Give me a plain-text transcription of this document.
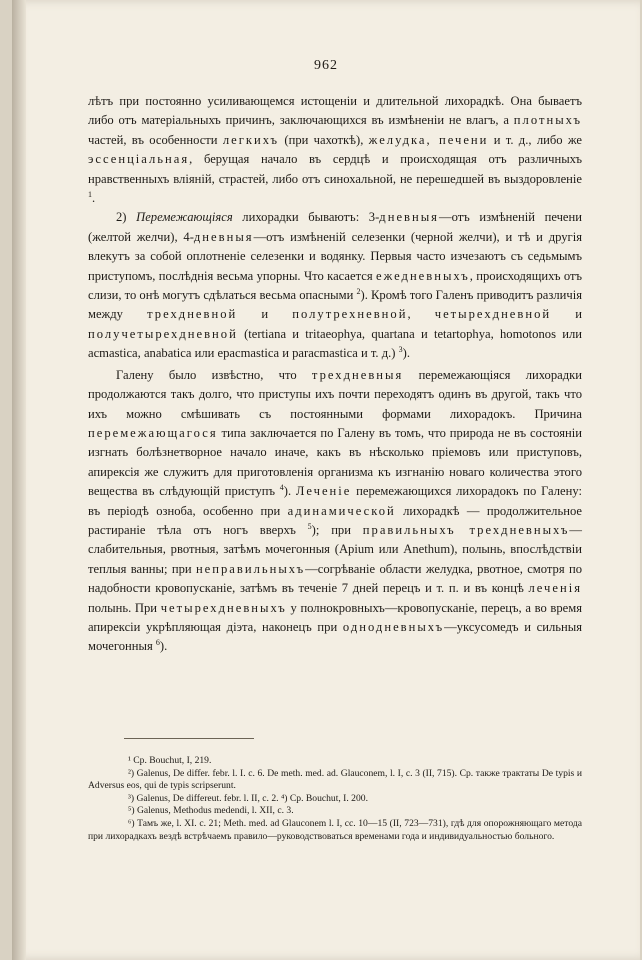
962

лѣтъ при постоянно усиливающемся истощеніи и длительной лихорадкѣ. Она бываетъ либо отъ матеріальныхъ причинъ, заключающихся въ измѣненіи не влагъ, а плотныхъ частей, въ особенности легкихъ (при чахоткѣ), желудка, печени и т. д., либо же эссенціальная, берущая начало въ сердцѣ и происходящая отъ различныхъ нравственныхъ вліяній, страстей, либо отъ синохальной, не перешедшей въ выздоровленіе $^1$.

2) Перемежающіяся лихорадки бываютъ: 3-дневныя—отъ измѣненій печени (желтой желчи), 4-дневныя—отъ измѣненій селезенки (черной желчи), и тѣ и другія влекутъ за собой оплотненіе селезенки и водянку. Первыя часто изчезаютъ съ седьмымъ приступомъ, послѣднія весьма упорны. Что касается ежедневныхъ, происходящихъ отъ слизи, то онѣ могутъ сдѣлаться весьма опасными $^2$). Кромѣ того Галенъ приводитъ различія между трехдневной и полутрехневной, четырехдневной и получетырехдневной (tertiana и tritaeophya, quartana и tetartophya, homotonos или acmastica, anabatica или epacmastica и paracmastica и т. д.) $^3$).

Галену было извѣстно, что трехдневныя перемежающіяся лихорадки продолжаются такъ долго, что приступы ихъ почти переходятъ одинъ въ другой, такъ что ихъ можно смѣшивать съ постоянными формами лихорадокъ. Причина перемежающагося типа заключается по Галену въ томъ, что природа не въ состояніи изгнать болѣзнетворное начало иначе, какъ въ нѣсколько пріемовъ или приступовъ, апирексія же служитъ для приготовленія организма къ изгнанію новаго количества этого вещества въ слѣдующій приступъ $^4$). Леченіе перемежающихся лихорадокъ по Галену: въ періодѣ озноба, особенно при адинамической лихорадкѣ — продолжительное растираніе тѣла отъ ногъ вверхъ $^5$); при правильныхъ трехдневныхъ—слабительныя, рвотныя, затѣмъ мочегонныя (Apium или Anethum), полынь, впослѣдствіи теплыя ванны; при неправильныхъ—согрѣваніе области желудка, рвотное, смотря по надобности кровопусканіе, затѣмъ въ теченіе 7 дней перецъ и т. п. и въ концѣ леченія полынь. При четырехдневныхъ у полнокровныхъ—кровопусканіе, перецъ, а во время апирексіи укрѣпляющая діэта, наконецъ при однодневныхъ—уксусомедъ и сильныя мочегонныя $^6$).

¹ Cp. Bouchut, I, 219.

²) Galenus, De differ. febr. l. I. c. 6. De meth. med. ad. Glauconem, l. I, c. 3 (II, 715). Ср. также трактаты De typis и Adversus eos, qui de typis scripserunt.

³) Galenus, De differeut. febr. l. II, c. 2. ⁴) Cp. Bouchut, I. 200.

⁵) Galenus, Methodus medendi, l. XII, c. 3.

⁶) Тамъ же, l. XI. c. 21; Meth. med. ad Glauconem l. I, cc. 10—15 (II, 723—731), гдѣ для опорожняющаго метода при лихорадкахъ вездѣ встрѣчаемъ правило—руководствоваться временами года и индивидуальностью больного.
